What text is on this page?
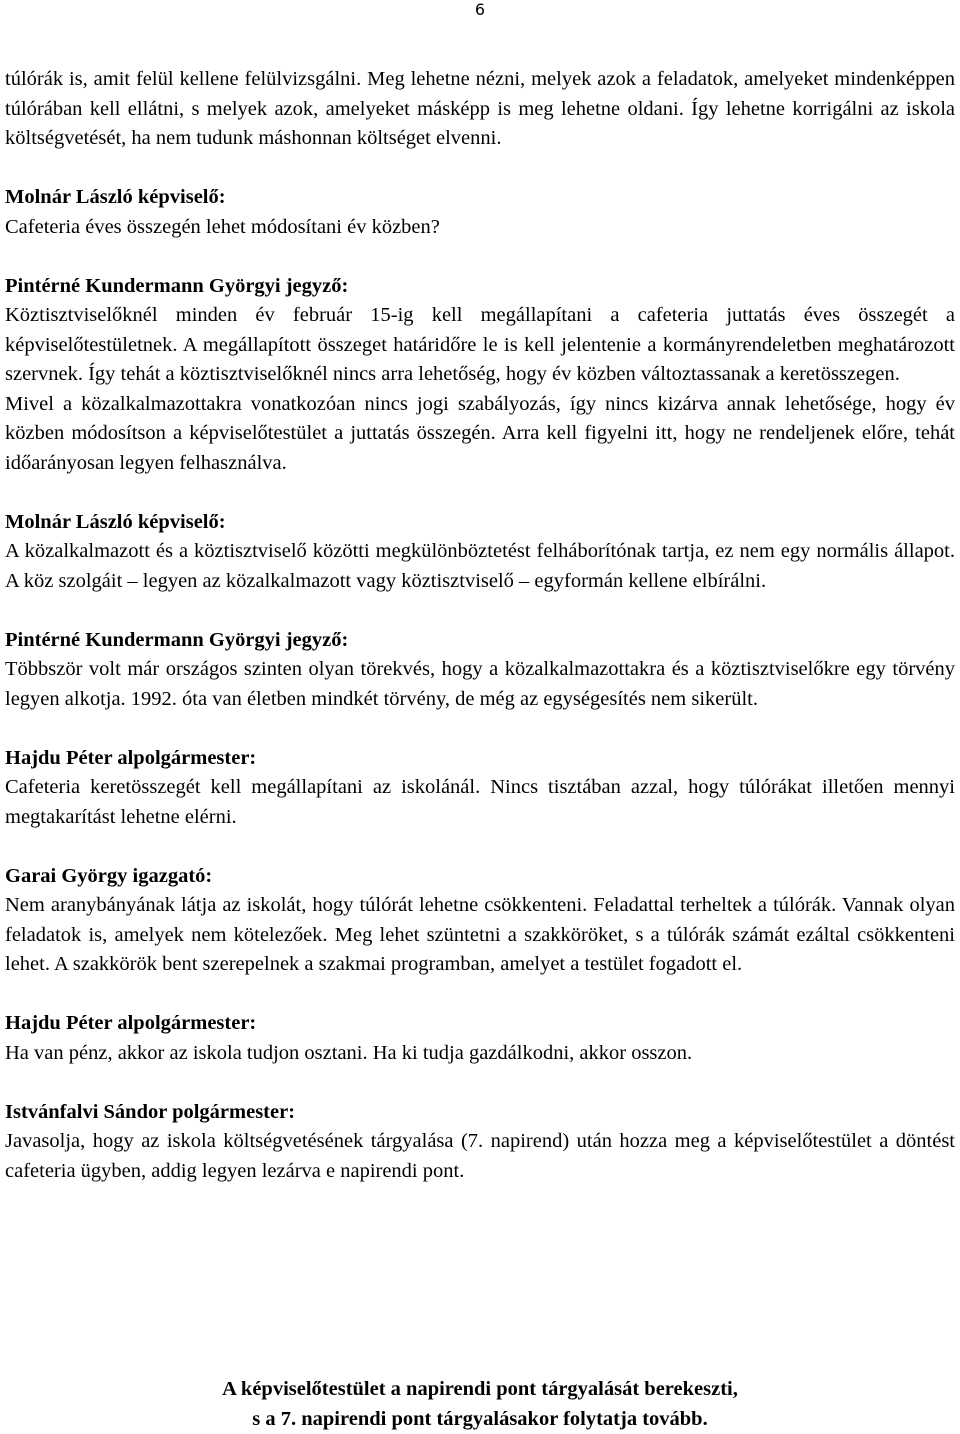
6

túlórák is, amit felül kellene felülvizsgálni. Meg lehetne nézni, melyek azok a feladatok, amelyeket mindenképpen túlórában kell ellátni, s melyek azok, amelyeket másképp is meg lehetne oldani. Így lehetne korrigálni az iskola költségvetését, ha nem tudunk máshonnan költséget elvenni.

Molnár László képviselő:

Cafeteria éves összegén lehet módosítani év közben?

Pintérné Kundermann Györgyi jegyző:

Köztisztviselőknél minden év február 15-ig kell megállapítani a cafeteria juttatás éves összegét a képviselőtestületnek. A megállapított összeget határidőre le is kell jelentenie a kormányrendeletben meghatározott szervnek. Így tehát a köztisztviselőknél nincs arra lehetőség, hogy év közben változtassanak a keretösszegen.

Mivel a közalkalmazottakra vonatkozóan nincs jogi szabályozás, így nincs kizárva annak lehetősége, hogy év közben módosítson a képviselőtestület a juttatás összegén. Arra kell figyelni itt, hogy ne rendeljenek előre, tehát időarányosan legyen felhasználva.

Molnár László képviselő:

A közalkalmazott és a köztisztviselő közötti megkülönböztetést felháborítónak tartja, ez nem egy normális állapot. A köz szolgáit – legyen az közalkalmazott vagy köztisztviselő – egyformán kellene elbírálni.

Pintérné Kundermann Györgyi jegyző:

Többször volt már országos szinten olyan törekvés, hogy a közalkalmazottakra és a köztisztviselőkre egy törvény legyen alkotja. 1992. óta van életben mindkét törvény, de még az egységesítés nem sikerült.

Hajdu Péter alpolgármester:

Cafeteria keretösszegét kell megállapítani az iskolánál. Nincs tisztában azzal, hogy túlórákat illetően mennyi megtakarítást lehetne elérni.

Garai György igazgató:

Nem aranybányának látja az iskolát, hogy túlórát lehetne csökkenteni. Feladattal terheltek a túlórák. Vannak olyan feladatok is, amelyek nem kötelezőek. Meg lehet szüntetni a szakköröket, s a túlórák számát ezáltal csökkenteni lehet. A szakkörök bent szerepelnek a szakmai programban, amelyet a testület fogadott el.

Hajdu Péter alpolgármester:

Ha van pénz, akkor az iskola tudjon osztani. Ha ki tudja gazdálkodni, akkor osszon.

Istvánfalvi Sándor polgármester:

Javasolja, hogy az iskola költségvetésének tárgyalása (7. napirend) után hozza meg a képviselőtestület a döntést cafeteria ügyben, addig legyen lezárva e napirendi pont.

A képviselőtestület a napirendi pont tárgyalását berekeszti,

s a 7. napirendi pont tárgyalásakor folytatja tovább.
